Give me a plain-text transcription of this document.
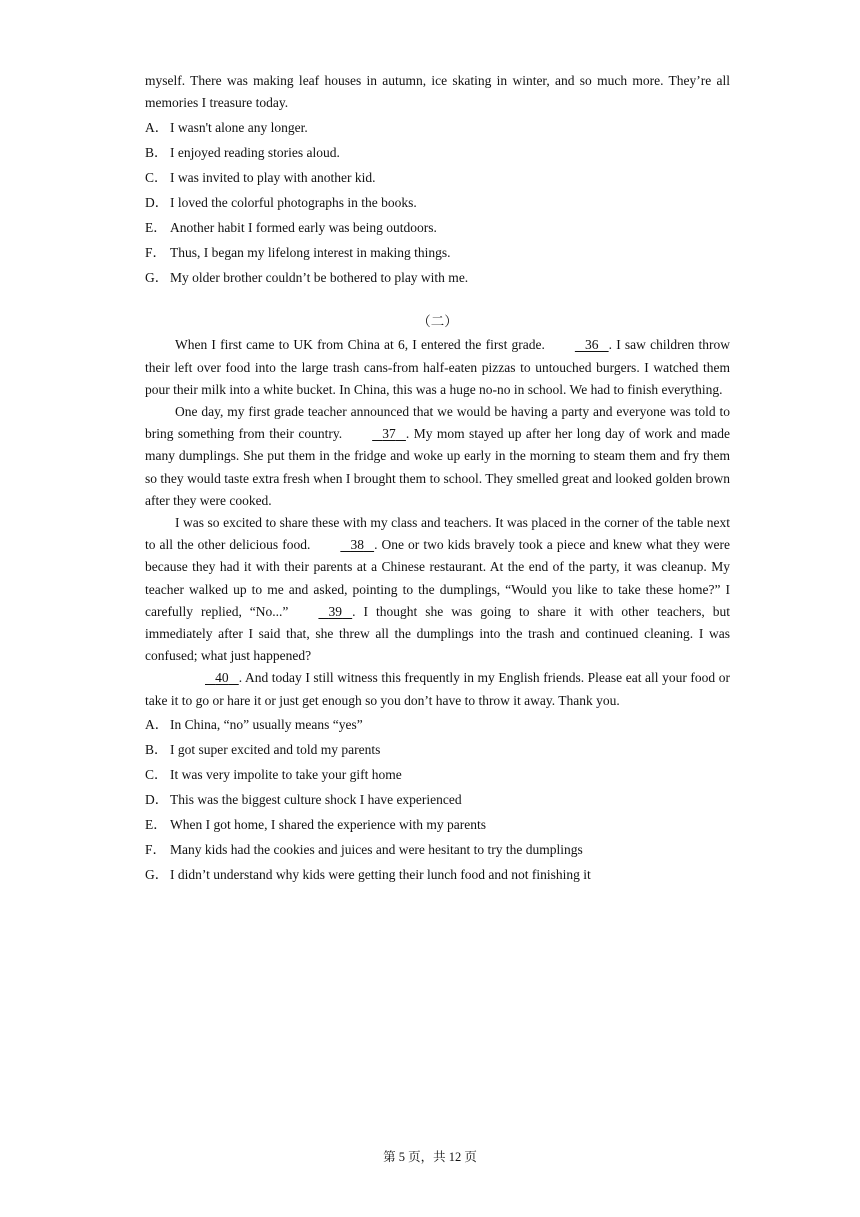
myself. There was making leaf houses in autumn, ice skating in winter, and so much more. They’re all memories I treasure today.

A． I wasn't alone any longer.

B． I enjoyed reading stories aloud.

C． I was invited to play with another kid.

D． I loved the colorful photographs in the books.

E． Another habit I formed early was being outdoors.

F． Thus, I began my lifelong interest in making things.

G． My older brother couldn’t be bothered to play with me.

（二）

When I first came to UK from China at 6, I entered the first grade.	36 . I saw children throw their left over food into the large trash cans-from half-eaten pizzas to untouched burgers. I watched them pour their milk into a white bucket. In China, this was a huge no-no in school. We had to finish everything.

One day, my first grade teacher announced that we would be having a party and everyone was told to bring something from their country.	37 . My mom stayed up after her long day of work and made many dumplings. She put them in the fridge and woke up early in the morning to steam them and fry them so they would taste extra fresh when I brought them to school. They smelled great and looked golden brown after they were cooked.

I was so excited to share these with my class and teachers. It was placed in the corner of the table next to all the other delicious food.	38 . One or two kids bravely took a piece and knew what they were because they had it with their parents at a Chinese restaurant. At the end of the party, it was cleanup. My teacher walked up to me and asked, pointing to the dumplings, “Would you like to take these home?” I carefully replied, “No...”	39 . I thought she was going to share it with other teachers, but immediately after I said that, she threw all the dumplings into the trash and continued cleaning. I was confused; what just happened?

40 . And today I still witness this frequently in my English friends. Please eat all your food or take it to go or hare it or just get enough so you don’t have to throw it away. Thank you.

A． In China, “no” usually means “yes”

B． I got super excited and told my parents

C． It was very impolite to take your gift home

D． This was the biggest culture shock I have experienced

E． When I got home, I shared the experience with my parents

F． Many kids had the cookies and juices and were hesitant to try the dumplings

G． I didn’t understand why kids were getting their lunch food and not finishing it

第 5 页，共 12 页
